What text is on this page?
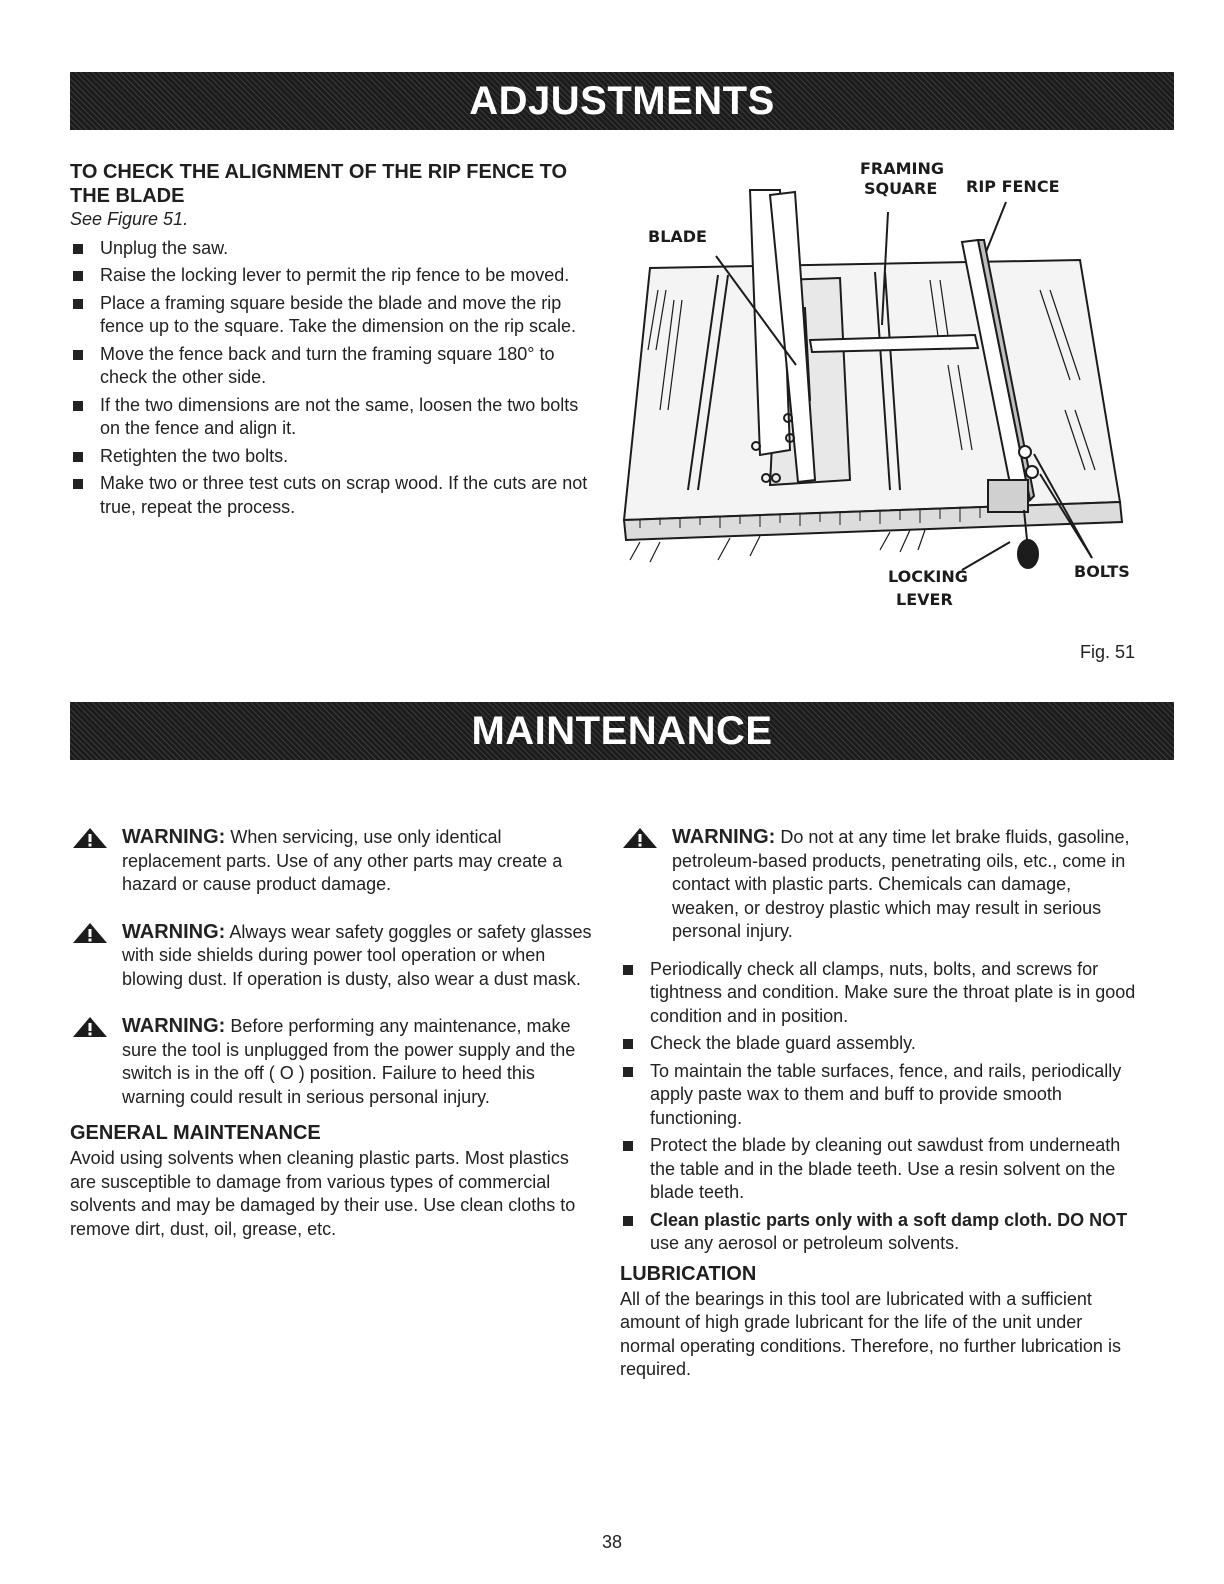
ADJUSTMENTS
TO CHECK THE ALIGNMENT OF THE RIP FENCE TO THE BLADE

See Figure 51.

Unplug the saw.
Raise the locking lever to permit the rip fence to be moved.
Place a framing square beside the blade and move the rip fence up to the square. Take the dimension on the rip scale.
Move the fence back and turn the framing square 180° to check the other side.
If the two dimensions are not the same, loosen the two bolts on the fence and align it.
Retighten the two bolts.
Make two or three test cuts on scrap wood. If the cuts are not true, repeat the process.
BLADE
FRAMING
SQUARE RIP FENCE
LOCKING
LEVER
BOLTS
Fig. 51
MAINTENANCE
WARNING: When servicing, use only identical replacement parts. Use of any other parts may create a hazard or cause product damage.
WARNING: Always wear safety goggles or safety glasses with side shields during power tool operation or when blowing dust. If operation is dusty, also wear a dust mask.
WARNING: Before performing any maintenance, make sure the tool is unplugged from the power supply and the switch is in the off ( O ) position. Failure to heed this warning could result in serious personal injury.
GENERAL MAINTENANCE

Avoid using solvents when cleaning plastic parts. Most plastics are susceptible to damage from various types of commercial solvents and may be damaged by their use. Use clean cloths to remove dirt, dust, oil, grease, etc.

WARNING: Do not at any time let brake fluids, gasoline, petroleum-based products, penetrating oils, etc., come in contact with plastic parts. Chemicals can damage, weaken, or destroy plastic which may result in serious personal injury.
Periodically check all clamps, nuts, bolts, and screws for tightness and condition. Make sure the throat plate is in good condition and in position.
Check the blade guard assembly.
To maintain the table surfaces, fence, and rails, periodically apply paste wax to them and buff to provide smooth functioning.
Protect the blade by cleaning out sawdust from underneath the table and in the blade teeth. Use a resin solvent on the blade teeth.
Clean plastic parts only with a soft damp cloth. DO NOT use any aerosol or petroleum solvents.
LUBRICATION

All of the bearings in this tool are lubricated with a sufficient amount of high grade lubricant for the life of the unit under normal operating conditions. Therefore, no further lubrication is required.

38
